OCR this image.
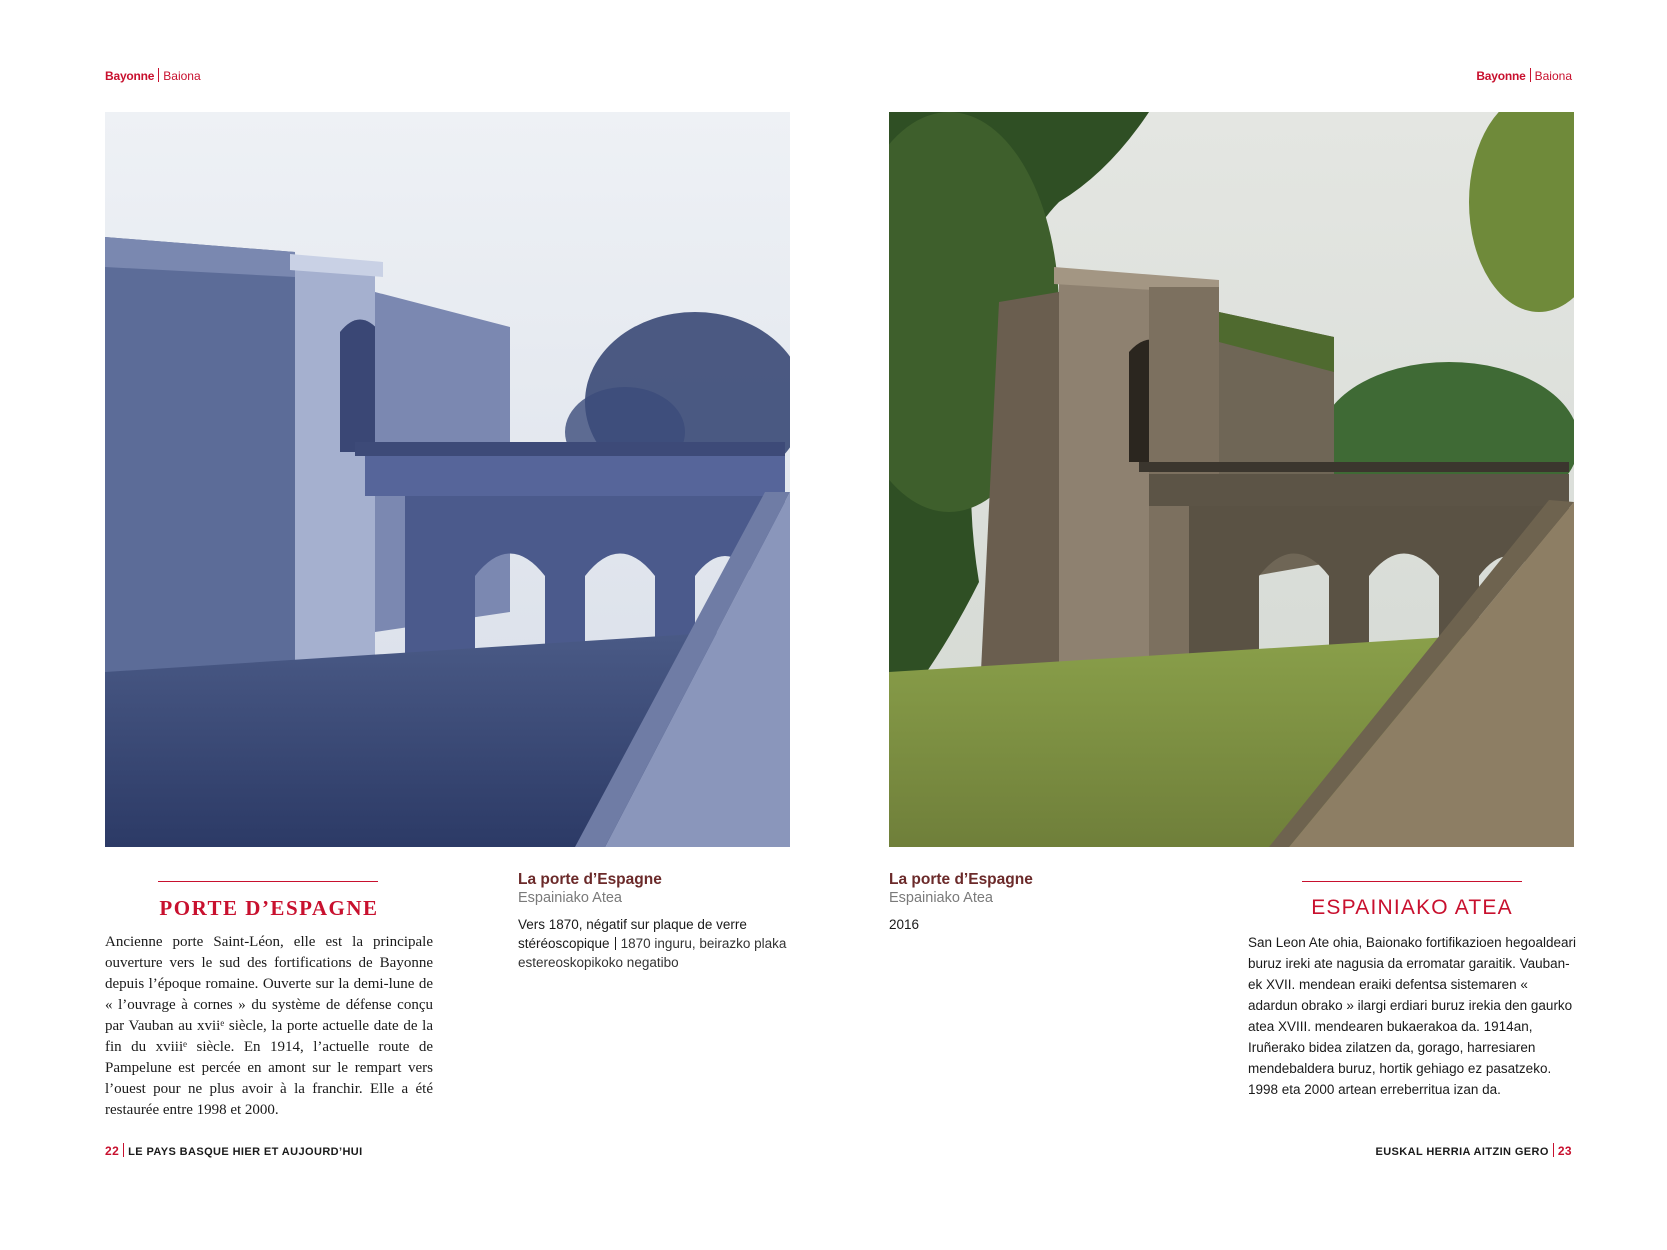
Bayonne Baiona	Bayonne Baiona
La porte d’Espagne
Espainiako Atea
Vers 1870, négatif sur plaque de verre stéréoscopique 1870 inguru, beirazko plaka estereoskopikoko negatibo
La porte d’Espagne
Espainiako Atea
2016
PORTE D’ESPAGNE	ESPAINIAKO ATEA
Ancienne porte Saint-Léon, elle est la principale ouverture vers le sud des fortifications de Bayonne depuis l’époque romaine. Ouverte sur la demi-lune de « l’ouvrage à cornes » du système de défense conçu par Vauban au xviiᵉ siècle, la porte actuelle date de la fin du xviiiᵉ siècle. En 1914, l’actuelle route de Pampelune est percée en amont sur le rempart vers l’ouest pour ne plus avoir à la franchir. Elle a été restaurée entre 1998 et 2000.
San Leon Ate ohia, Baionako fortifikazioen hegoaldeari buruz ireki ate nagusia da erromatar garaitik. Vauban-ek XVII. mendean eraiki defentsa sistemaren « adardun obrako » ilargi erdiari buruz irekia den gaurko atea XVIII. mendearen bukaerakoa da. 1914an, Iruñerako bidea zilatzen da, gorago, harresiaren mendebaldera buruz, hortik gehiago ez pasatzeko. 1998 eta 2000 artean erreberritua izan da.
22 LE PAYS BASQUE HIER ET AUJOURD’HUI	EUSKAL HERRIA AITZIN GERO 23
